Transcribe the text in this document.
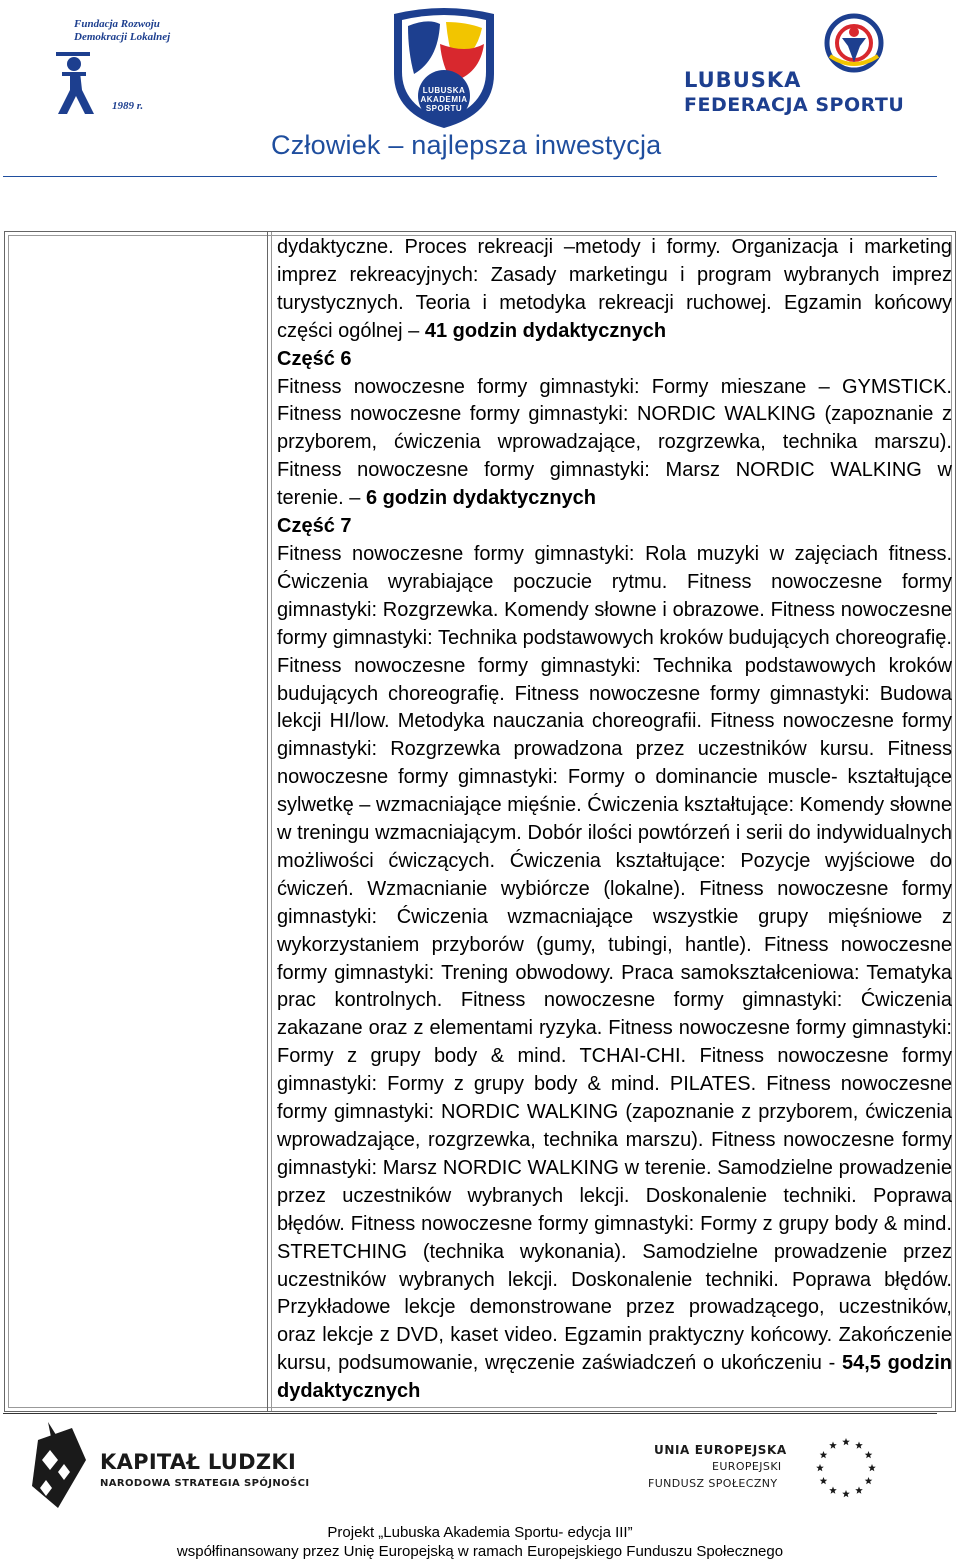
Fundacja Rozwoju
Demokracji Lokalnej
1989 r.
LUBUSKA
AKADEMIA
SPORTU
LUBUSKA
FEDERACJA SPORTU
Człowiek – najlepsza inwestycja

dydaktyczne. Proces rekreacji –metody i formy. Organizacja i marketing imprez rekreacyjnych: Zasady marketingu i program wybranych imprez turystycznych. Teoria i metodyka rekreacji ruchowej. Egzamin końcowy części ogólnej – 41 godzin dydaktycznych

Część 6

Fitness nowoczesne formy gimnastyki: Formy mieszane – GYMSTICK. Fitness nowoczesne formy gimnastyki: NORDIC WALKING (zapoznanie z przyborem, ćwiczenia wprowadzające, rozgrzewka, technika marszu). Fitness nowoczesne formy gimnastyki: Marsz NORDIC WALKING w terenie. – 6 godzin dydaktycznych

Część 7

Fitness nowoczesne formy gimnastyki: Rola muzyki w zajęciach fitness. Ćwiczenia wyrabiające poczucie rytmu. Fitness nowoczesne formy gimnastyki: Rozgrzewka. Komendy słowne i obrazowe. Fitness nowoczesne formy gimnastyki: Technika podstawowych kroków budujących choreografię. Fitness nowoczesne formy gimnastyki: Technika podstawowych kroków budujących choreografię. Fitness nowoczesne formy gimnastyki: Budowa lekcji HI/low. Metodyka nauczania choreografii. Fitness nowoczesne formy gimnastyki: Rozgrzewka prowadzona przez uczestników kursu. Fitness nowoczesne formy gimnastyki: Formy o dominancie muscle- kształtujące sylwetkę – wzmacniające mięśnie. Ćwiczenia kształtujące: Komendy słowne w treningu wzmacniającym. Dobór ilości powtórzeń i serii do indywidualnych możliwości ćwiczących. Ćwiczenia kształtujące: Pozycje wyjściowe do ćwiczeń. Wzmacnianie wybiórcze (lokalne). Fitness nowoczesne formy gimnastyki: Ćwiczenia wzmacniające wszystkie grupy mięśniowe z wykorzystaniem przyborów (gumy, tubingi, hantle). Fitness nowoczesne formy gimnastyki: Trening obwodowy. Praca samokształceniowa: Tematyka prac kontrolnych. Fitness nowoczesne formy gimnastyki: Ćwiczenia zakazane oraz z elementami ryzyka. Fitness nowoczesne formy gimnastyki: Formy z grupy body & mind. TCHAI-CHI. Fitness nowoczesne formy gimnastyki: Formy z grupy body & mind. PILATES. Fitness nowoczesne formy gimnastyki: NORDIC WALKING (zapoznanie z przyborem, ćwiczenia wprowadzające, rozgrzewka, technika marszu). Fitness nowoczesne formy gimnastyki: Marsz NORDIC WALKING w terenie. Samodzielne prowadzenie przez uczestników wybranych lekcji. Doskonalenie techniki. Poprawa błędów. Fitness nowoczesne formy gimnastyki: Formy z grupy body & mind. STRETCHING (technika wykonania). Samodzielne prowadzenie przez uczestników wybranych lekcji. Doskonalenie techniki. Poprawa błędów. Przykładowe lekcje demonstrowane przez prowadzącego, uczestników, oraz lekcje z DVD, kaset video. Egzamin praktyczny końcowy. Zakończenie kursu, podsumowanie, wręczenie zaświadczeń o ukończeniu - 54,5 godzin dydaktycznych

KAPITAŁ LUDZKI
NARODOWA STRATEGIA SPÓJNOŚCI
UNIA EUROPEJSKA
EUROPEJSKI
FUNDUSZ SPOŁECZNY
Projekt „Lubuska Akademia Sportu- edycja III”
współfinansowany przez Unię Europejską w ramach Europejskiego Funduszu Społecznego
